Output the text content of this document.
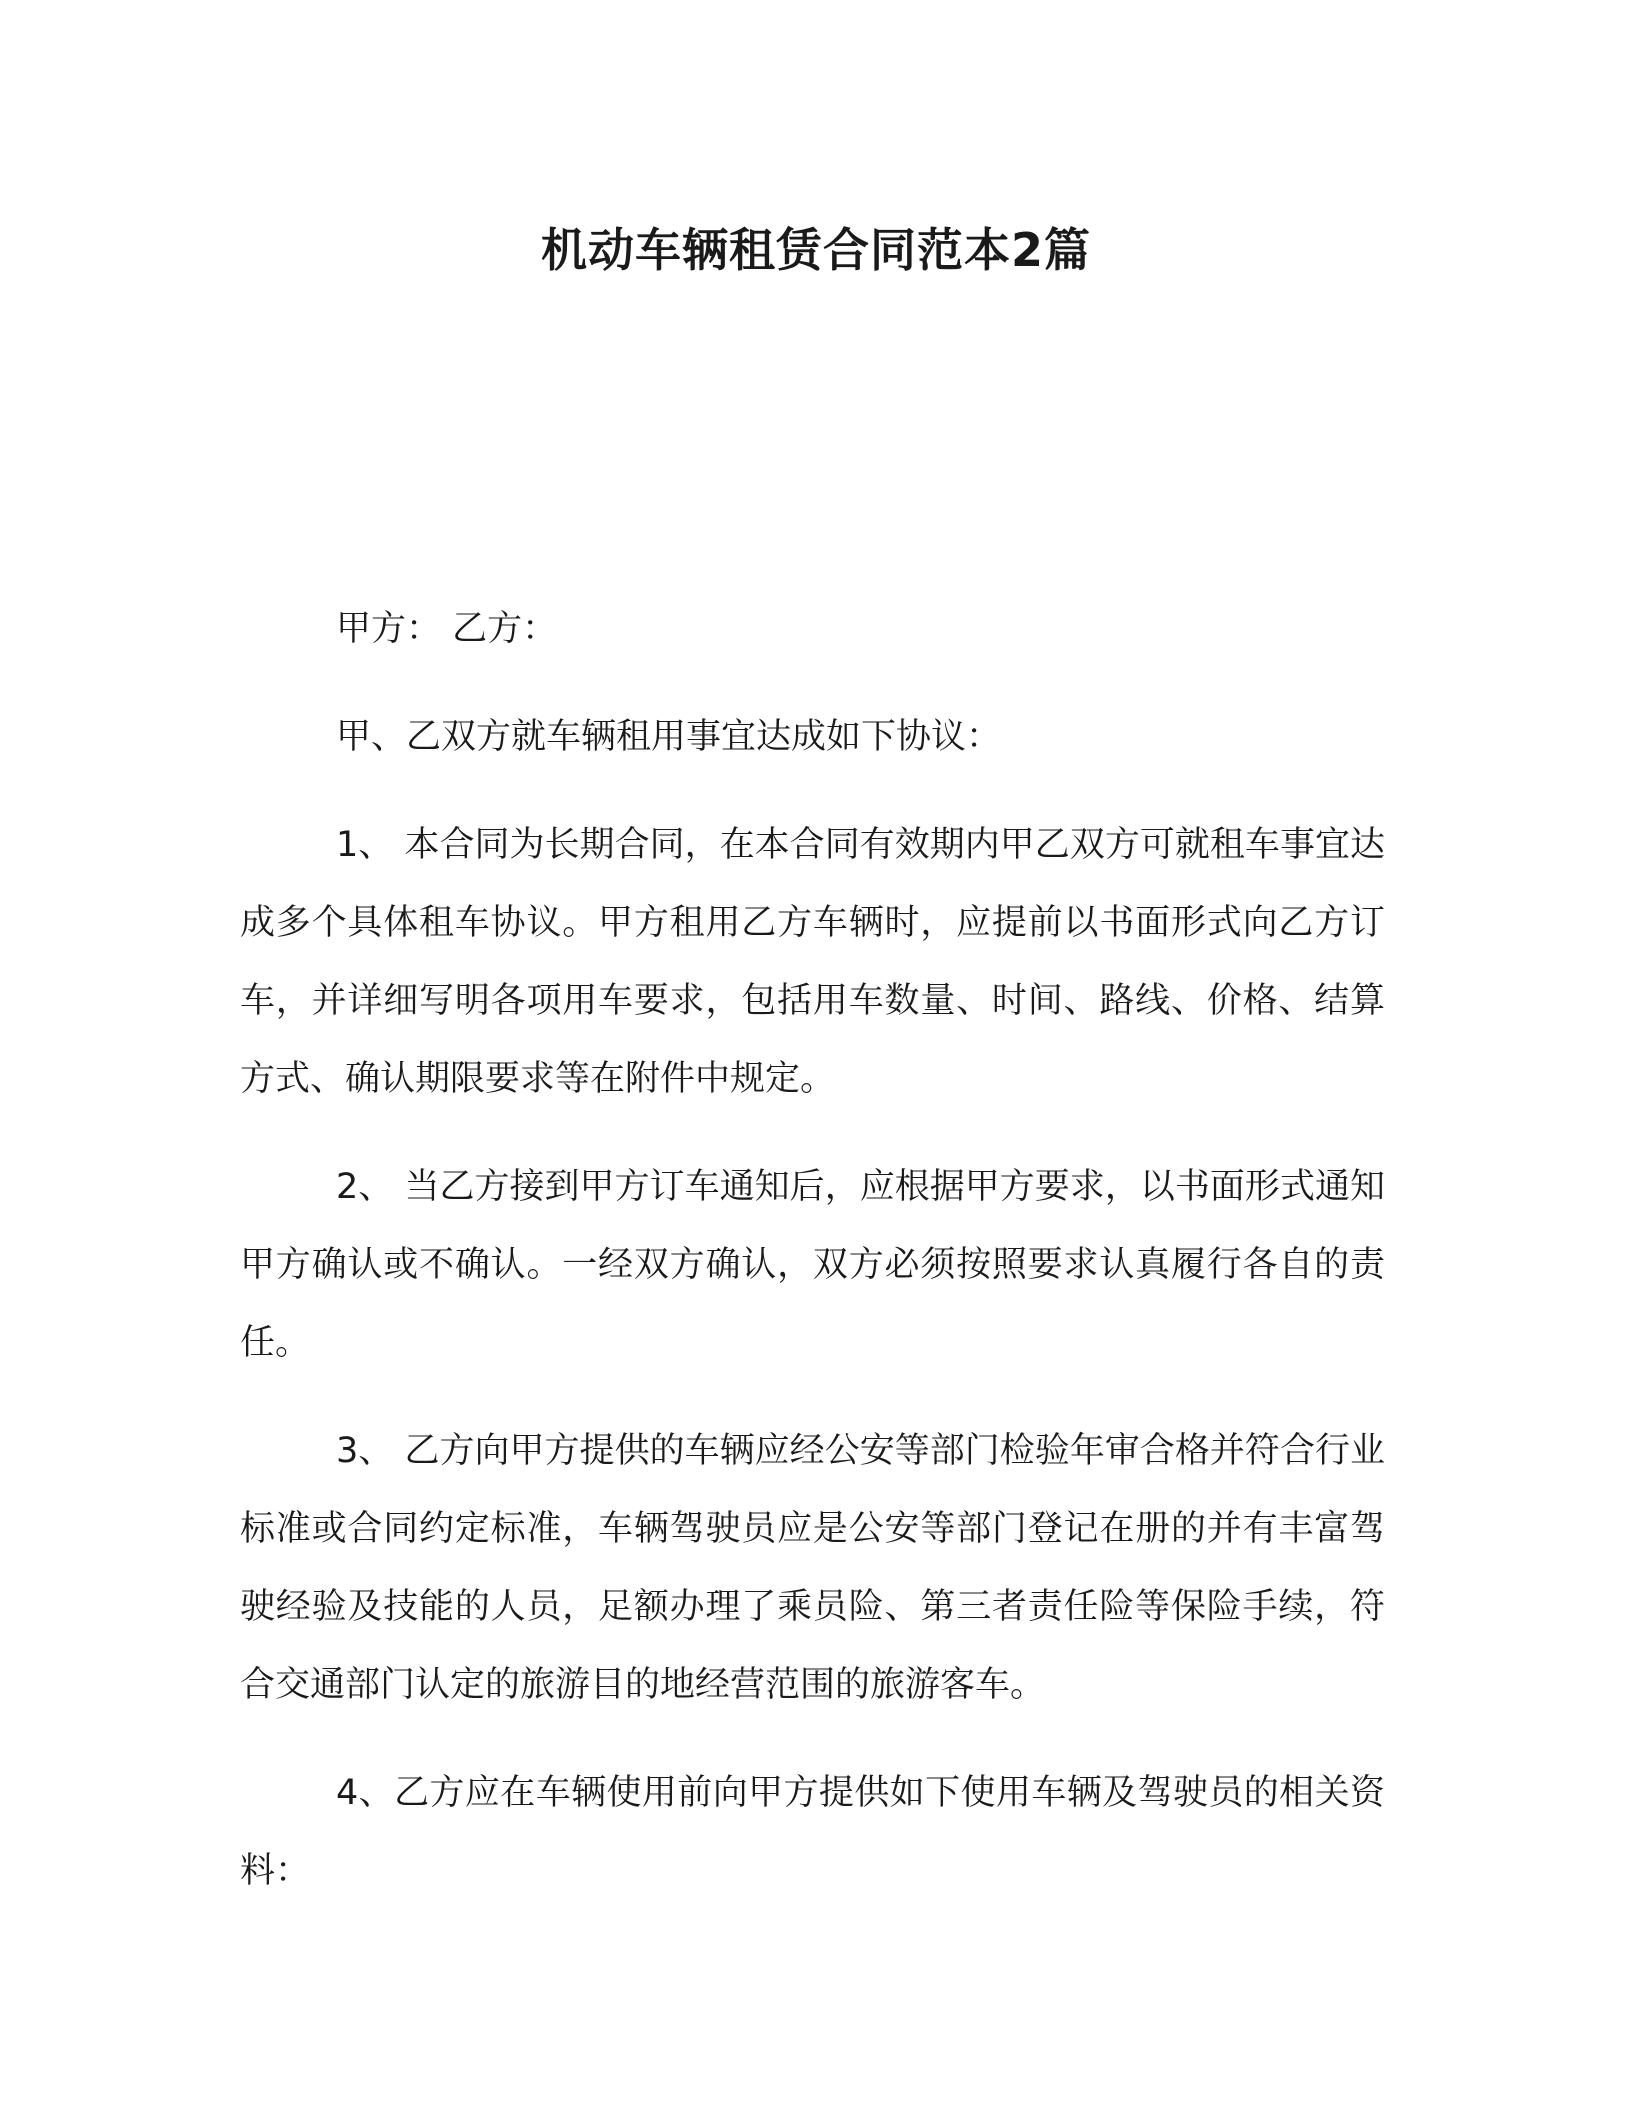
机动车辆租赁合同范本2篇

甲方： 乙方：

甲、乙双方就车辆租用事宜达成如下协议：

1、 本合同为长期合同，在本合同有效期内甲乙双方可就租车事宜达成多个具体租车协议。甲方租用乙方车辆时，应提前以书面形式向乙方订车，并详细写明各项用车要求，包括用车数量、时间、路线、价格、结算方式、确认期限要求等在附件中规定。

2、 当乙方接到甲方订车通知后，应根据甲方要求，以书面形式通知甲方确认或不确认。一经双方确认，双方必须按照要求认真履行各自的责任。

3、 乙方向甲方提供的车辆应经公安等部门检验年审合格并符合行业标准或合同约定标准，车辆驾驶员应是公安等部门登记在册的并有丰富驾驶经验及技能的人员，足额办理了乘员险、第三者责任险等保险手续，符合交通部门认定的旅游目的地经营范围的旅游客车。

4、乙方应在车辆使用前向甲方提供如下使用车辆及驾驶员的相关资料：
